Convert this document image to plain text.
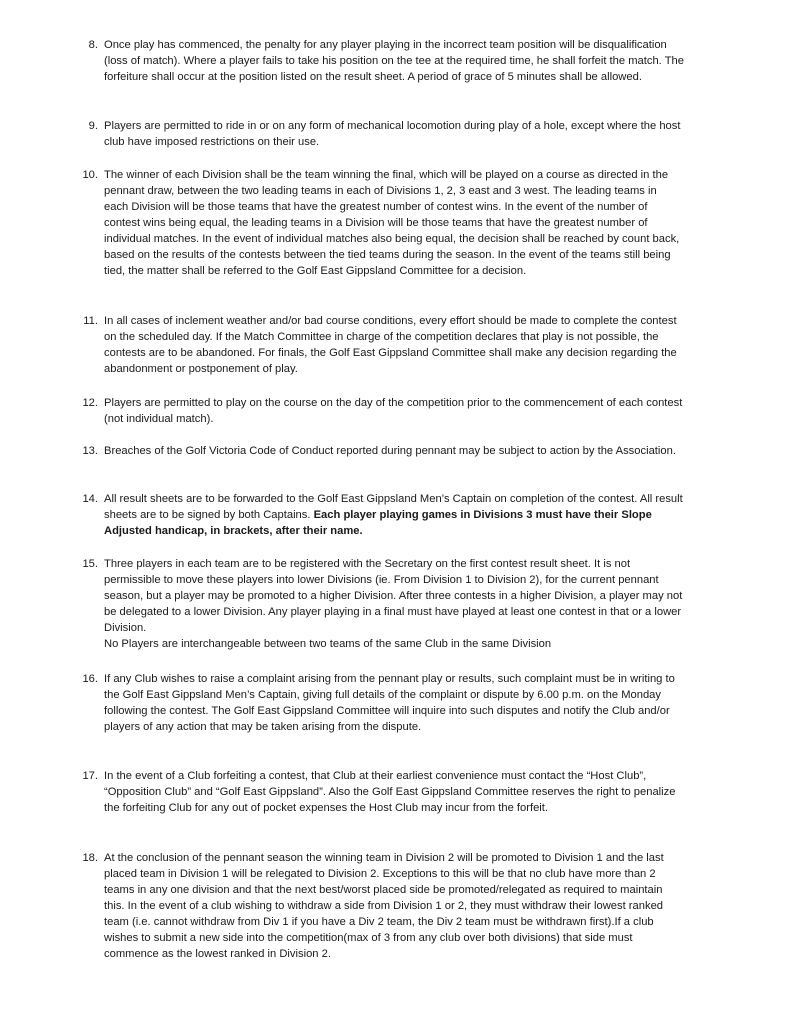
8. Once play has commenced, the penalty for any player playing in the incorrect team position will be disqualification (loss of match). Where a player fails to take his position on the tee at the required time, he shall forfeit the match. The forfeiture shall occur at the position listed on the result sheet. A period of grace of 5 minutes shall be allowed.
9. Players are permitted to ride in or on any form of mechanical locomotion during play of a hole, except where the host club have imposed restrictions on their use.
10. The winner of each Division shall be the team winning the final, which will be played on a course as directed in the pennant draw, between the two leading teams in each of Divisions 1, 2, 3 east and 3 west. The leading teams in each Division will be those teams that have the greatest number of contest wins. In the event of the number of contest wins being equal, the leading teams in a Division will be those teams that have the greatest number of individual matches. In the event of individual matches also being equal, the decision shall be reached by count back, based on the results of the contests between the tied teams during the season. In the event of the teams still being tied, the matter shall be referred to the Golf East Gippsland Committee for a decision.
11. In all cases of inclement weather and/or bad course conditions, every effort should be made to complete the contest on the scheduled day. If the Match Committee in charge of the competition declares that play is not possible, the contests are to be abandoned. For finals, the Golf East Gippsland Committee shall make any decision regarding the abandonment or postponement of play.
12. Players are permitted to play on the course on the day of the competition prior to the commencement of each contest (not individual match).
13. Breaches of the Golf Victoria Code of Conduct reported during pennant may be subject to action by the Association.
14. All result sheets are to be forwarded to the Golf East Gippsland Men’s Captain on completion of the contest. All result sheets are to be signed by both Captains. Each player playing games in Divisions 3 must have their Slope Adjusted handicap, in brackets, after their name.
15. Three players in each team are to be registered with the Secretary on the first contest result sheet. It is not permissible to move these players into lower Divisions (ie. From Division 1 to Division 2), for the current pennant season, but a player may be promoted to a higher Division. After three contests in a higher Division, a player may not be delegated to a lower Division. Any player playing in a final must have played at least one contest in that or a lower Division.
No Players are interchangeable between two teams of the same Club in the same Division
16. If any Club wishes to raise a complaint arising from the pennant play or results, such complaint must be in writing to the Golf East Gippsland Men’s Captain, giving full details of the complaint or dispute by 6.00 p.m. on the Monday following the contest. The Golf East Gippsland Committee will inquire into such disputes and notify the Club and/or players of any action that may be taken arising from the dispute.
17. In the event of a Club forfeiting a contest, that Club at their earliest convenience must contact the “Host Club”, “Opposition Club” and “Golf East Gippsland”. Also the Golf East Gippsland Committee reserves the right to penalize the forfeiting Club for any out of pocket expenses the Host Club may incur from the forfeit.
18. At the conclusion of the pennant season the winning team in Division 2 will be promoted to Division 1 and the last placed team in Division 1 will be relegated to Division 2. Exceptions to this will be that no club have more than 2 teams in any one division and that the next best/worst placed side be promoted/relegated as required to maintain this. In the event of a club wishing to withdraw a side from Division 1 or 2, they must withdraw their lowest ranked team (i.e. cannot withdraw from Div 1 if you have a Div 2 team, the Div 2 team must be withdrawn first).If a club wishes to submit a new side into the competition(max of 3 from any club over both divisions) that side must commence as the lowest ranked in Division 2.
